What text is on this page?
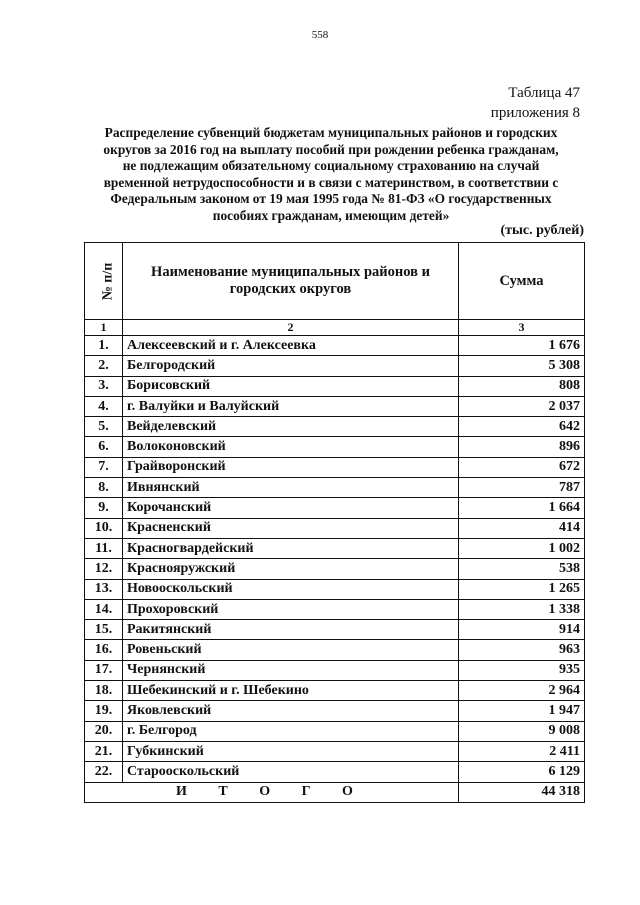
558
Таблица 47
приложения 8
Распределение субвенций бюджетам муниципальных районов и городских округов за 2016 год на выплату пособий при рождении ребенка гражданам, не подлежащим обязательному социальному страхованию на случай временной нетрудоспособности и в связи с материнством, в соответствии с Федеральным законом от 19 мая 1995 года № 81-ФЗ «О государственных пособиях гражданам, имеющим детей»
(тыс. рублей)
№ п/п	Наименование муниципальных районов и городских округов	Сумма
1	2	3
1.	Алексеевский и г. Алексеевка	1 676
2.	Белгородский	5 308
3.	Борисовский	808
4.	г. Валуйки и Валуйский	2 037
5.	Вейделевский	642
6.	Волоконовский	896
7.	Грайворонский	672
8.	Ивнянский	787
9.	Корочанский	1 664
10.	Красненский	414
11.	Красногвардейский	1 002
12.	Краснояружский	538
13.	Новооскольский	1 265
14.	Прохоровский	1 338
15.	Ракитянский	914
16.	Ровеньский	963
17.	Чернянский	935
18.	Шебекинский и г. Шебекино	2 964
19.	Яковлевский	1 947
20.	г. Белгород	9 008
21.	Губкинский	2 411
22.	Старооскольский	6 129
И Т О Г О		44 318
